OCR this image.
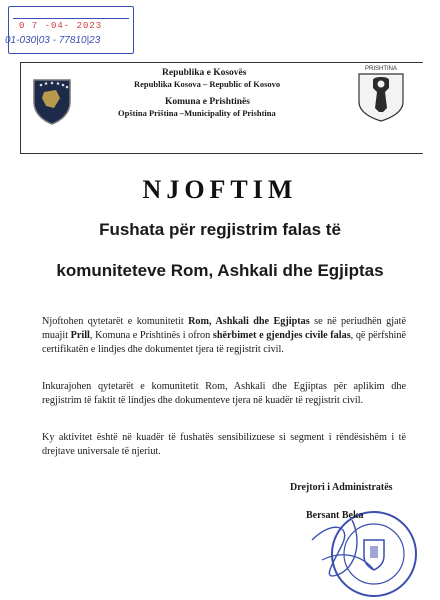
0 7 -04- 2023
01-030|03 - 77810|23
PRISHTINA
Republika e Kosovës
Republika Kosova – Republic of Kosovo
Komuna e Prishtinës
Opština Priština –Municipality of Prishtina
NJOFTIM
Fushata për regjistrim falas të
komuniteteve Rom, Ashkali dhe Egjiptas
Njoftohen qytetarët e komunitetit Rom, Ashkali dhe Egjiptas se në periudhën gjatë muajit Prill, Komuna e Prishtinës i ofron shërbimet e gjendjes civile falas, që përfshinë certifikatën e lindjes dhe dokumentet tjera të regjistrit civil.
Inkurajohen qytetarët e komunitetit Rom, Ashkali dhe Egjiptas për aplikim dhe regjistrim të faktit të lindjes dhe dokumenteve tjera në kuadër të regjistrit civil.
Ky aktivitet është në kuadër të fushatës sensibilizuese si segment i rëndësishëm i të drejtave universale të njeriut.
Drejtori i Administratës
Bersant Beka
